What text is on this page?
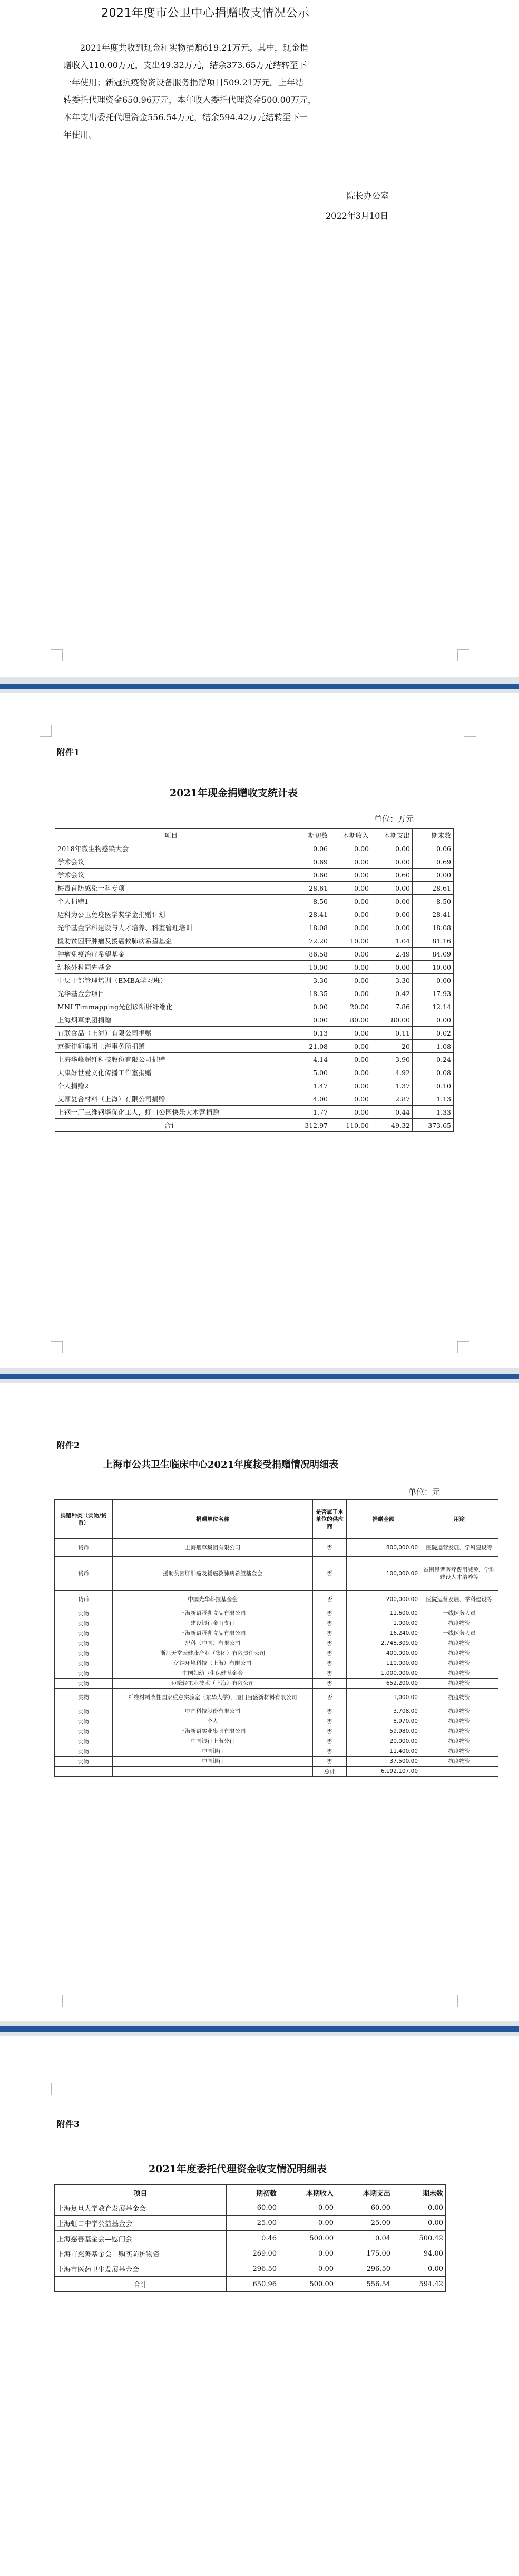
2021年度市公卫中心捐赠收支情况公示
2021年度共收到现金和实物捐赠619.21万元。其中，现金捐
赠收入110.00万元，支出49.32万元，结余373.65万元结转至下
一年使用；新冠抗疫物资设备服务捐赠项目509.21万元。上年结
转委托代理资金650.96万元，本年收入委托代理资金500.00万元，
本年支出委托代理资金556.54万元，结余594.42万元结转至下一
年使用。
院长办公室
2022年3月10日
附件1
2021年现金捐赠收支统计表
单位：万元
项目	期初数	本期收入	本期支出	期末数
2018年微生物感染大会	0.06	0.00	0.00	0.06
学术会议	0.69	0.00	0.00	0.69
学术会议	0.60	0.00	0.60	0.00
梅毒首防感染一科专项	28.61	0.00	0.00	28.61
个人捐赠1	8.50	0.00	0.00	8.50
迈科为公卫免疫医学奖学金捐赠计划	28.41	0.00	0.00	28.41
光华基金学科建设与人才培养、科室管理培训	18.08	0.00	0.00	18.08
援助贫困肝肿瘤及援癌救肺病希望基金	72.20	10.00	1.04	81.16
肿瘤免疫治疗希望基金	86.58	0.00	2.49	84.09
结核外科同先基金	10.00	0.00	0.00	10.00
中层干部管理培训（EMBA学习班）	3.30	0.00	3.30	0.00
光华基金会项目	18.35	0.00	0.42	17.93
MNI Timmapping光创诊断肝纤维化	0.00	20.00	7.86	12.14
上海烟草集团捐赠	0.00	80.00	80.00	0.00
宜联食品（上海）有限公司捐赠	0.13	0.00	0.11	0.02
京衡律师集团上海事务所捐赠	21.08	0.00	20	1.08
上海华峰超纤科技股份有限公司捐赠	4.14	0.00	3.90	0.24
天津好世爱文化传播工作室捐赠	5.00	0.00	4.92	0.08
个人捐赠2	1.47	0.00	1.37	0.10
艾幂复合材料（上海）有限公司捐赠	4.00	0.00	2.87	1.13
上钢一厂三维钢塔优化工人，虹口公园快乐大本营捐赠	1.77	0.00	0.44	1.33
合计	312.97	110.00	49.32	373.65
附件2
上海市公共卫生临床中心2021年度接受捐赠情况明细表
单位：元
捐赠种类（实物/货币）	捐赠单位名称	是否属于本单位的供应商	捐赠金额	用途
货币	上海烟草集团有限公司	否	800,000.00	医院运营发展、学科建设等
货币	援助贫困肝肿瘤及援癌救肺病希望基金会	否	100,000.00	贫困患者医疗费用减免、学科建设人才培养等
货币	中国光华科技基金会	否	200,000.00	医院运营发展、学科建设等
实物	上海新语蛋乳食品有限公司	否	11,600.00	一线医务人员
实物	建设银行金山支行	否	1,000.00	抗疫物资
实物	上海新语蛋乳食品有限公司	否	16,240.00	一线医务人员
实物	思科（中国）有限公司	否	2,748,309.00	抗疫物资
实物	浙江天堂云健康产业（集团）有限责任公司	否	400,000.00	抗疫物资
实物	亿纳环境科技（上海）有限公司	否	110,000.00	抗疫物资
实物	中国妇幼卫生保健基金会	否	1,000,000.00	抗疫物资
实物	迈擎轻工业技术（上海）有限公司	否	652,200.00	抗疫物资
实物	纤维材料改性国家重点实验室（东华大学）、厦门当盛新材料有限公司	否	1,000.00	抗疫物资
实物	中国科技股份有限公司	否	3,708.00	抗疫物资
实物	个人	否	8,970.00	抗疫物资
实物	上海新语实业集团有限公司	否	59,980.00	抗疫物资
实物	中国银行上海分行	否	20,000.00	抗疫物资
实物	中国银行	否	11,400.00	抗疫物资
实物	中国银行	否	37,500.00	抗疫物资
		总计	6,192,107.00	
附件3
2021年度委托代理资金收支情况明细表
项目	期初数	本期收入	本期支出	期末数
上海复旦大学教育发展基金会	60.00	0.00	60.00	0.00
上海虹口中学公益基金会	25.00	0.00	25.00	0.00
上海慈善基金会—慰问会	0.46	500.00	0.04	500.42
上海市慈善基金会—购买防护物资	269.00	0.00	175.00	94.00
上海市医药卫生发展基金会	296.50	0.00	296.50	0.00
合计	650.96	500.00	556.54	594.42
